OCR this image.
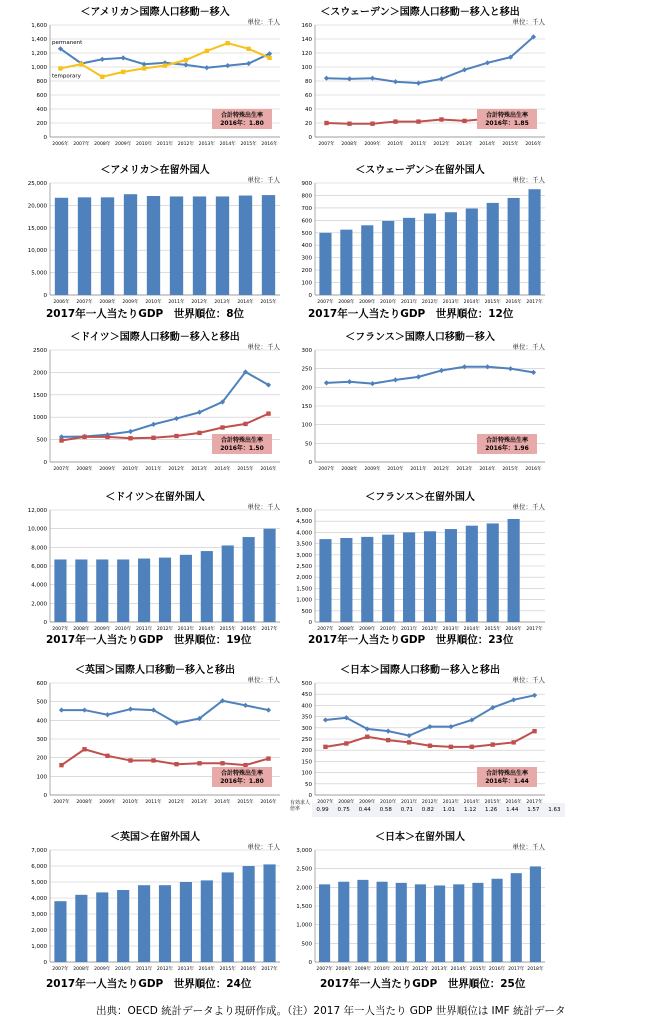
＜アメリカ＞国際人口移動－移入
単位：千人
0
200
400
600
800
1,000
1,200
1,400
1,600
2006年 2007年 2008年 2009年 2010年 2011年 2012年 2013年 2014年 2015年 2016年
permanent
temporary
合計特殊出生率
2016年：1.80
＜スウェーデン＞国際人口移動－移入と移出
単位：千人
0
20
40
60
80
100
120
140
160
2007年 2008年 2009年 2010年 2011年 2012年 2013年 2014年 2015年 2016年
合計特殊出生率
2016年：1.85
＜アメリカ＞在留外国人
単位：千人
0
5,000
10,000
15,000
20,000
25,000
2006年 2007年 2008年 2009年 2010年 2011年 2012年 2013年 2014年 2015年
＜スウェーデン＞在留外国人
単位：千人
0
100
200
300
400
500
600
700
800
900
2007年 2008年 2009年 2010年 2011年 2012年 2013年 2014年 2015年 2016年 2017年
＜ドイツ＞国際人口移動－移入と移出
単位：千人
0
500
1000
1500
2000
2500
2007年 2008年 2009年 2010年 2011年 2012年 2013年 2014年 2015年 2016年
合計特殊出生率
2016年：1.50
＜フランス＞国際人口移動－移入
単位：千人
0
50
100
150
200
250
300
2007年 2008年 2009年 2010年 2011年 2012年 2013年 2014年 2015年 2016年
合計特殊出生率
2016年：1.96
＜ドイツ＞在留外国人
単位：千人
0
2,000
4,000
6,000
8,000
10,000
12,000
2007年 2008年 2009年 2010年 2011年 2012年 2013年 2014年 2015年 2016年 2017年
＜フランス＞在留外国人
単位：千人
0
500
1,000
1,500
2,000
2,500
3,000
3,500
4,000
4,500
5,000
2007年 2008年 2009年 2010年 2011年 2012年 2013年 2014年 2015年 2016年 2017年
＜英国＞国際人口移動－移入と移出
単位：千人
0
100
200
300
400
500
600
2007年 2008年 2009年 2010年 2011年 2012年 2013年 2014年 2015年 2016年
合計特殊出生率
2016年：1.80
＜日本＞国際人口移動－移入と移出
単位：千人
0
50
100
150
200
250
300
350
400
450
500
合計特殊出生率
2016年：1.44
＜英国＞在留外国人
単位：千人
0
1,000
2,000
3,000
4,000
5,000
6,000
7,000
2007年 2008年 2009年 2010年 2011年 2012年 2013年 2014年 2015年 2016年 2017年
＜日本＞在留外国人
単位：千人
0
500
1,000
1,500
2,000
2,500
3,000
2007年 2008年 2009年 2010年 2011年 2012年 2013年 2014年 2015年 2016年 2017年 2018年
2017年一人当たりGDP　世界順位：8位	2017年一人当たりGDP　世界順位：12位
2017年一人当たりGDP　世界順位：19位	2017年一人当たりGDP　世界順位：23位
2017年一人当たりGDP　世界順位：24位	2017年一人当たりGDP　世界順位：25位
有効求人倍率	0.99	0.75	0.44	0.58	0.71	0.82	1.01	1.12	1.26	1.44	1.57	1.63
出典：OECD 統計データより現研作成。（注）2017 年一人当たり GDP 世界順位は IMF 統計データ
